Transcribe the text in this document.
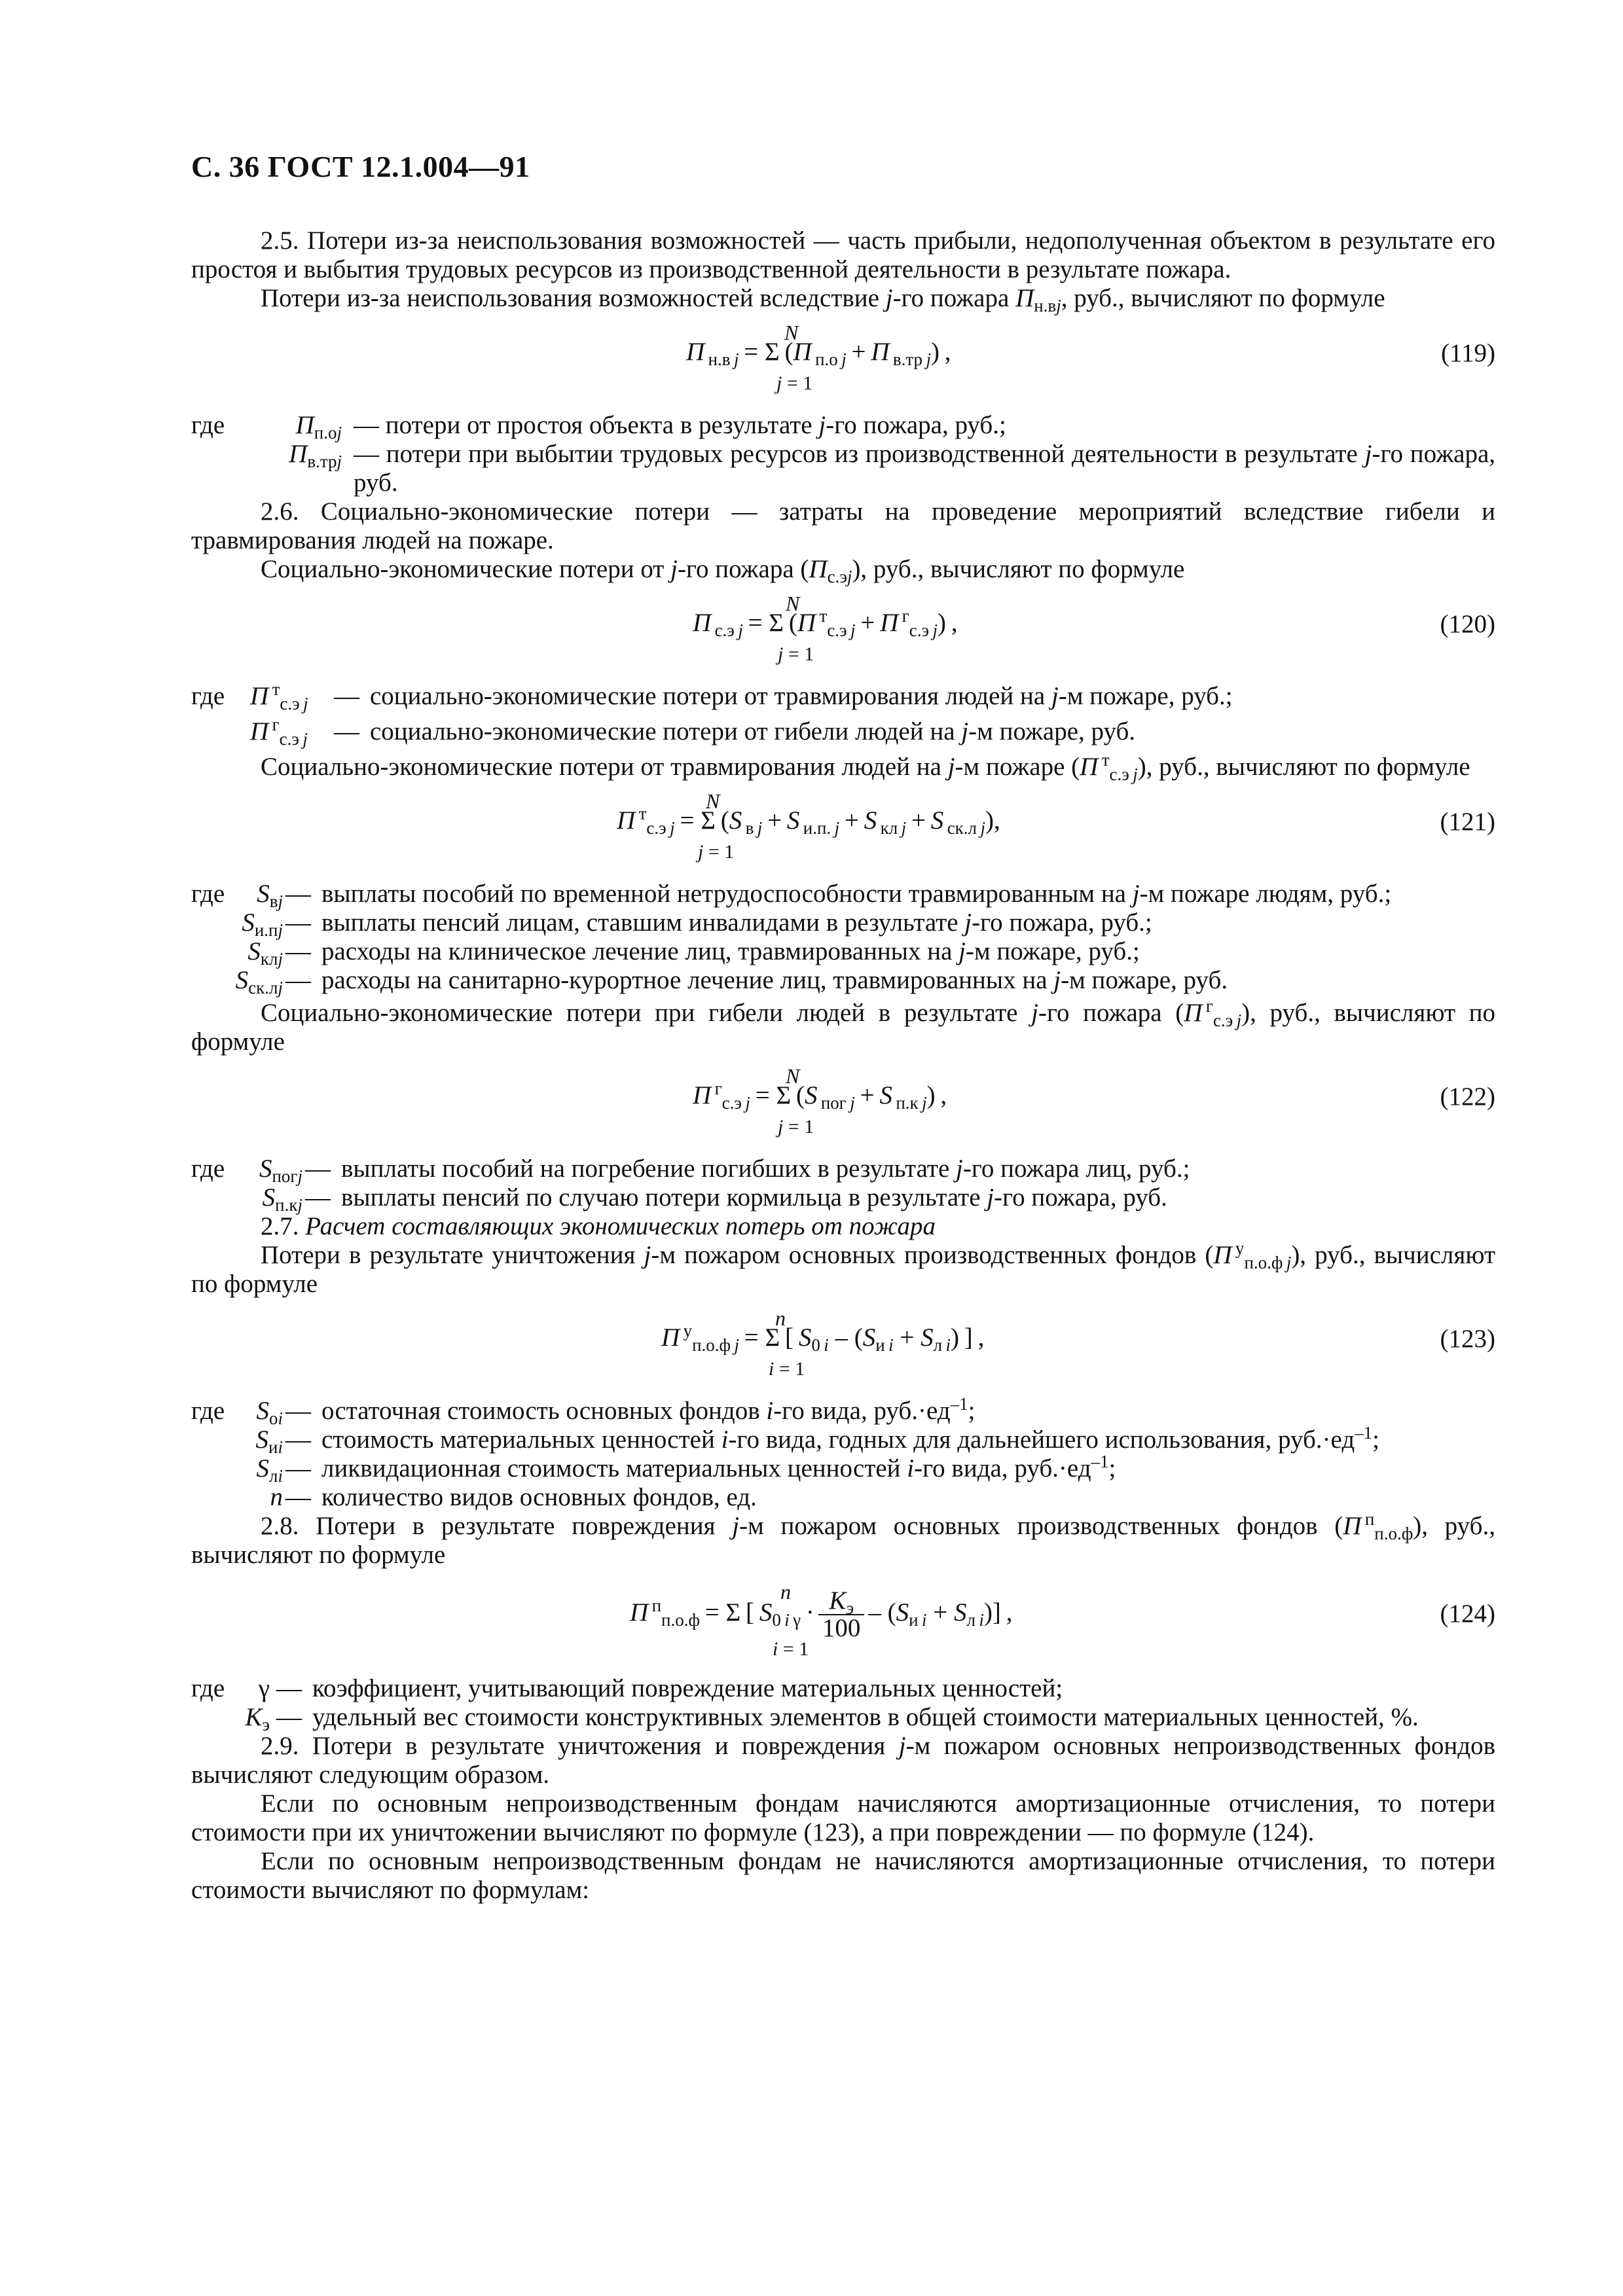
С. 36 ГОСТ 12.1.004—91

2.5. Потери из-за неиспользования возможностей — часть прибыли, недополученная объектом в результате его простоя и выбытия трудовых ресурсов из производственной деятельности в результате пожара.

Потери из-за неиспользования возможностей вследствие j-го пожара $П_{н.вj}$, руб., вычисляют по формуле

N
П $_{н.в j}$ = Σ (П $_{п.о j}$ + П $_{в.тр j}$) ,
j = 1
(119)
где	$П_{п.оj}$ — потери от простоя объекта в результате j-го пожара, руб.;
$П_{в.трj}$ — потери при выбытии трудовых ресурсов из производственной деятельности в результате j-го пожара, руб.

2.6. Социально-экономические потери — затраты на проведение мероприятий вследствие гибели и травмирования людей на пожаре.

Социально-экономические потери от j-го пожара $(П_{с.эj})$, руб., вычисляют по формуле

N
П $_{с.э j}$ = Σ (П $^т_{с.э j}$ + П $^г_{с.э j}$) ,
j = 1
(120)
где П $^т_{с.э j}$	— социально-экономические потери от травмирования людей на j-м пожаре, руб.;
П $^г_{с.э j}$	— социально-экономические потери от гибели людей на j-м пожаре, руб.

Социально-экономические потери от травмирования людей на j-м пожаре (П $^т_{с.э j}$), руб., вычисляют по формуле

N
П $^т_{с.э j}$ = Σ (S $_{в j}$ + S $_{и.п. j}$ + S $_{кл j}$ + S $_{ск.л j}$),
j = 1
(121)
где	$S_{вj}$ — выплаты пособий по временной нетрудоспособности травмированным на j-м пожаре людям, руб.;
$S_{и.пj}$ — выплаты пенсий лицам, ставшим инвалидами в результате j-го пожара, руб.;
$S_{клj}$ — расходы на клиническое лечение лиц, травмированных на j-м пожаре, руб.;
$S_{ск.лj}$ — расходы на санитарно-курортное лечение лиц, травмированных на j-м пожаре, руб.

Социально-экономические потери при гибели людей в результате j-го пожара (П $^г_{с.э j}$), руб., вычисляют по формуле

N
П $^г_{с.э j}$ = Σ (S $_{пог j}$ + S $_{п.к j}$) ,
j = 1
(122)
где	$S_{погj}$ — выплаты пособий на погребение погибших в результате j-го пожара лиц, руб.;
$S_{п.кj}$ — выплаты пенсий по случаю потери кормильца в результате j-го пожара, руб.

2.7. Расчет составляющих экономических потерь от пожара

Потери в результате уничтожения j-м пожаром основных производственных фондов (П $^у_{п.о.ф j}$), руб., вычисляют по формуле

n
П $^у_{п.о.ф j}$ = Σ [ $S_{0 i} - (S_{и i} + S_{л i})$ ] ,
i = 1
(123)
где	$S_{оi}$ — остаточная стоимость основных фондов i-го вида, $руб.\cdot ед^{-1}$;
$S_{иi}$ — стоимость материальных ценностей i-го вида, годных для дальнейшего использования, $руб.\cdot ед^{-1}$;
$S_{лi}$ — ликвидационная стоимость материальных ценностей i-го вида, $руб.\cdot ед^{-1}$;
n — количество видов основных фондов, ед.

2.8. Потери в результате повреждения j-м пожаром основных производственных фондов (П $^п_{п.о.ф}$), руб., вычисляют по формуле

n
П $^п_{п.о.ф}$ = Σ [ $S_{0 i \gamma} \cdot \frac{K_э}{100} - (S_{и i} + S_{л i})$] ,
i = 1
(124)
где	γ — коэффициент, учитывающий повреждение материальных ценностей;
$K_э$ — удельный вес стоимости конструктивных элементов в общей стоимости материальных ценностей, %.

2.9. Потери в результате уничтожения и повреждения j-м пожаром основных непроизводственных фондов вычисляют следующим образом.

Если по основным непроизводственным фондам начисляются амортизационные отчисления, то потери стоимости при их уничтожении вычисляют по формуле (123), а при повреждении — по формуле (124).

Если по основным непроизводственным фондам не начисляются амортизационные отчисления, то потери стоимости вычисляют по формулам:
